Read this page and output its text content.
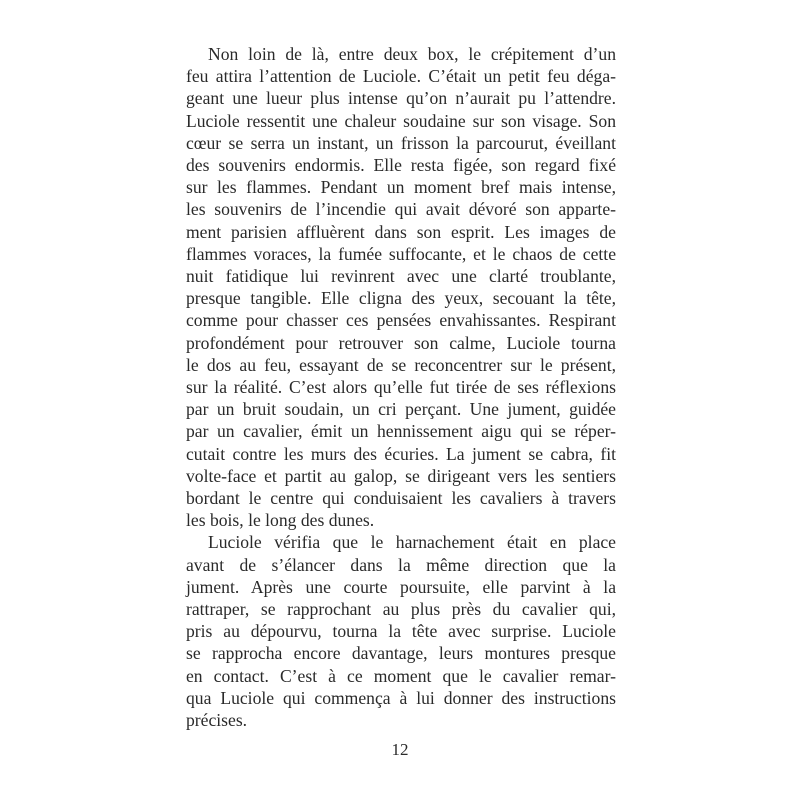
Non loin de là, entre deux box, le crépitement d’un
feu attira l’attention de Luciole. C’était un petit feu déga-
geant une lueur plus intense qu’on n’aurait pu l’attendre.
Luciole ressentit une chaleur soudaine sur son visage. Son
cœur se serra un instant, un frisson la parcourut, éveillant
des souvenirs endormis. Elle resta figée, son regard fixé
sur les flammes. Pendant un moment bref mais intense,
les souvenirs de l’incendie qui avait dévoré son apparte-
ment parisien affluèrent dans son esprit. Les images de
flammes voraces, la fumée suffocante, et le chaos de cette
nuit fatidique lui revinrent avec une clarté troublante,
presque tangible. Elle cligna des yeux, secouant la tête,
comme pour chasser ces pensées envahissantes. Respirant
profondément pour retrouver son calme, Luciole tourna
le dos au feu, essayant de se reconcentrer sur le présent,
sur la réalité. C’est alors qu’elle fut tirée de ses réflexions
par un bruit soudain, un cri perçant. Une jument, guidée
par un cavalier, émit un hennissement aigu qui se réper-
cutait contre les murs des écuries. La jument se cabra, fit
volte-face et partit au galop, se dirigeant vers les sentiers
bordant le centre qui conduisaient les cavaliers à travers
les bois, le long des dunes.
Luciole vérifia que le harnachement était en place
avant de s’élancer dans la même direction que la
jument. Après une courte poursuite, elle parvint à la
rattraper, se rapprochant au plus près du cavalier qui,
pris au dépourvu, tourna la tête avec surprise. Luciole
se rapprocha encore davantage, leurs montures presque
en contact. C’est à ce moment que le cavalier remar-
qua Luciole qui commença à lui donner des instructions
précises.
12
